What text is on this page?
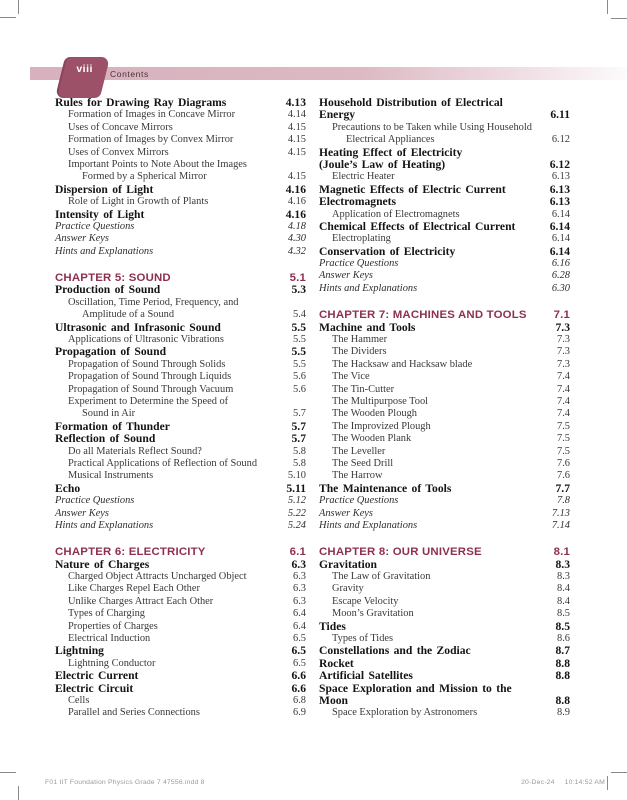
viii	Contents
Rules for Drawing Ray Diagrams	4.13
Formation of Images in Concave Mirror	4.14
Uses of Concave Mirrors	4.15
Formation of Images by Convex Mirror	4.15
Uses of Convex Mirrors	4.15
Important Points to Note About the Images
Formed by a Spherical Mirror	4.15
Dispersion of Light	4.16
Role of Light in Growth of Plants	4.16
Intensity of Light	4.16
Practice Questions	4.18
Answer Keys	4.30
Hints and Explanations	4.32
CHAPTER 5: SOUND	5.1
Production of Sound	5.3
Oscillation, Time Period, Frequency, and
Amplitude of a Sound	5.4
Ultrasonic and Infrasonic Sound	5.5
Applications of Ultrasonic Vibrations	5.5
Propagation of Sound	5.5
Propagation of Sound Through Solids	5.5
Propagation of Sound Through Liquids	5.6
Propagation of Sound Through Vacuum	5.6
Experiment to Determine the Speed of
Sound in Air	5.7
Formation of Thunder	5.7
Reflection of Sound	5.7
Do all Materials Reflect Sound?	5.8
Practical Applications of Reflection of Sound	5.8
Musical Instruments	5.10
Echo	5.11
Practice Questions	5.12
Answer Keys	5.22
Hints and Explanations	5.24
CHAPTER 6: ELECTRICITY	6.1
Nature of Charges	6.3
Charged Object Attracts Uncharged Object	6.3
Like Charges Repel Each Other	6.3
Unlike Charges Attract Each Other	6.3
Types of Charging	6.4
Properties of Charges	6.4
Electrical Induction	6.5
Lightning	6.5
Lightning Conductor	6.5
Electric Current	6.6
Electric Circuit	6.6
Cells	6.8
Parallel and Series Connections	6.9
Household Distribution of Electrical
Energy	6.11
Precautions to be Taken while Using Household
Electrical Appliances	6.12
Heating Effect of Electricity
(Joule’s Law of Heating)	6.12
Electric Heater	6.13
Magnetic Effects of Electric Current	6.13
Electromagnets	6.13
Application of Electromagnets	6.14
Chemical Effects of Electrical Current	6.14
Electroplating	6.14
Conservation of Electricity	6.14
Practice Questions	6.16
Answer Keys	6.28
Hints and Explanations	6.30
CHAPTER 7: MACHINES AND TOOLS	7.1
Machine and Tools	7.3
The Hammer	7.3
The Dividers	7.3
The Hacksaw and Hacksaw blade	7.3
The Vice	7.4
The Tin-Cutter	7.4
The Multipurpose Tool	7.4
The Wooden Plough	7.4
The Improvized Plough	7.5
The Wooden Plank	7.5
The Leveller	7.5
The Seed Drill	7.6
The Harrow	7.6
The Maintenance of Tools	7.7
Practice Questions	7.8
Answer Keys	7.13
Hints and Explanations	7.14
CHAPTER 8: OUR UNIVERSE	8.1
Gravitation	8.3
The Law of Gravitation	8.3
Gravity	8.4
Escape Velocity	8.4
Moon’s Gravitation	8.5
Tides	8.5
Types of Tides	8.6
Constellations and the Zodiac	8.7
Rocket	8.8
Artificial Satellites	8.8
Space Exploration and Mission to the
Moon	8.8
Space Exploration by Astronomers	8.9
F01 IIT Foundation Physics Grade 7 47556.indd 8	20-Dec-24 10:14:52 AM
